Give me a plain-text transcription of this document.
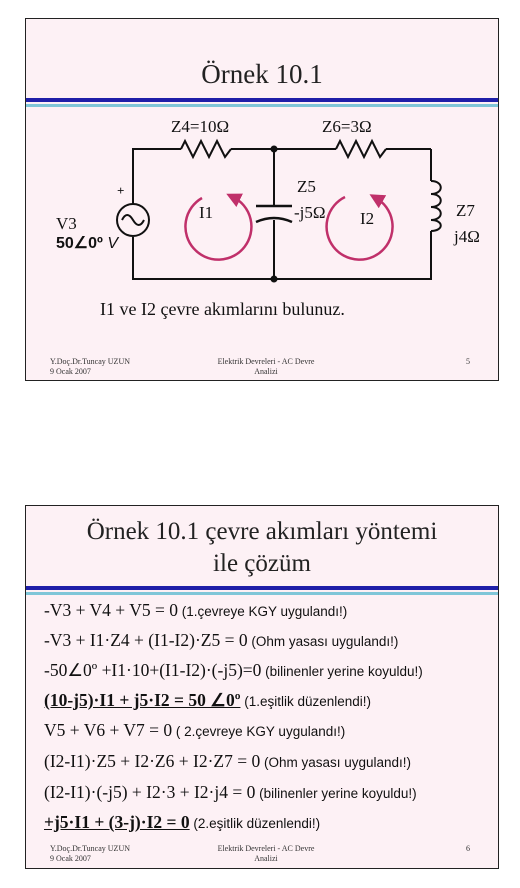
Örnek 10.1
Z4=10Ω	Z6=3Ω
Z5
-j5Ω	Z7
j4Ω
I1	I2
V3
50∠0º V
+
I1 ve I2 çevre akımlarını bulunuz.
Y.Doç.Dr.Tuncay UZUN
9 Ocak 2007
Elektrik Devreleri - AC Devre
Analizi
5
Örnek 10.1 çevre akımları yöntemi
ile çözüm
-V3 + V4 + V5 = 0 (1.çevreye KGY uygulandı!)
-V3 + I1·Z4 + (I1-I2)·Z5 = 0 (Ohm yasası uygulandı!)
-50∠0º +I1·10+(I1-I2)·(-j5)=0 (bilinenler yerine koyuldu!)
(10-j5)·I1 + j5·I2 = 50 ∠0º (1.eşitlik düzenlendi!)
V5 + V6 + V7 = 0 ( 2.çevreye KGY uygulandı!)
(I2-I1)·Z5 + I2·Z6 + I2·Z7 = 0 (Ohm yasası uygulandı!)
(I2-I1)·(-j5) + I2·3 + I2·j4 = 0 (bilinenler yerine koyuldu!)
+j5·I1 + (3-j)·I2 = 0 (2.eşitlik düzenlendi!)
Y.Doç.Dr.Tuncay UZUN
9 Ocak 2007
Elektrik Devreleri - AC Devre
Analizi
6
